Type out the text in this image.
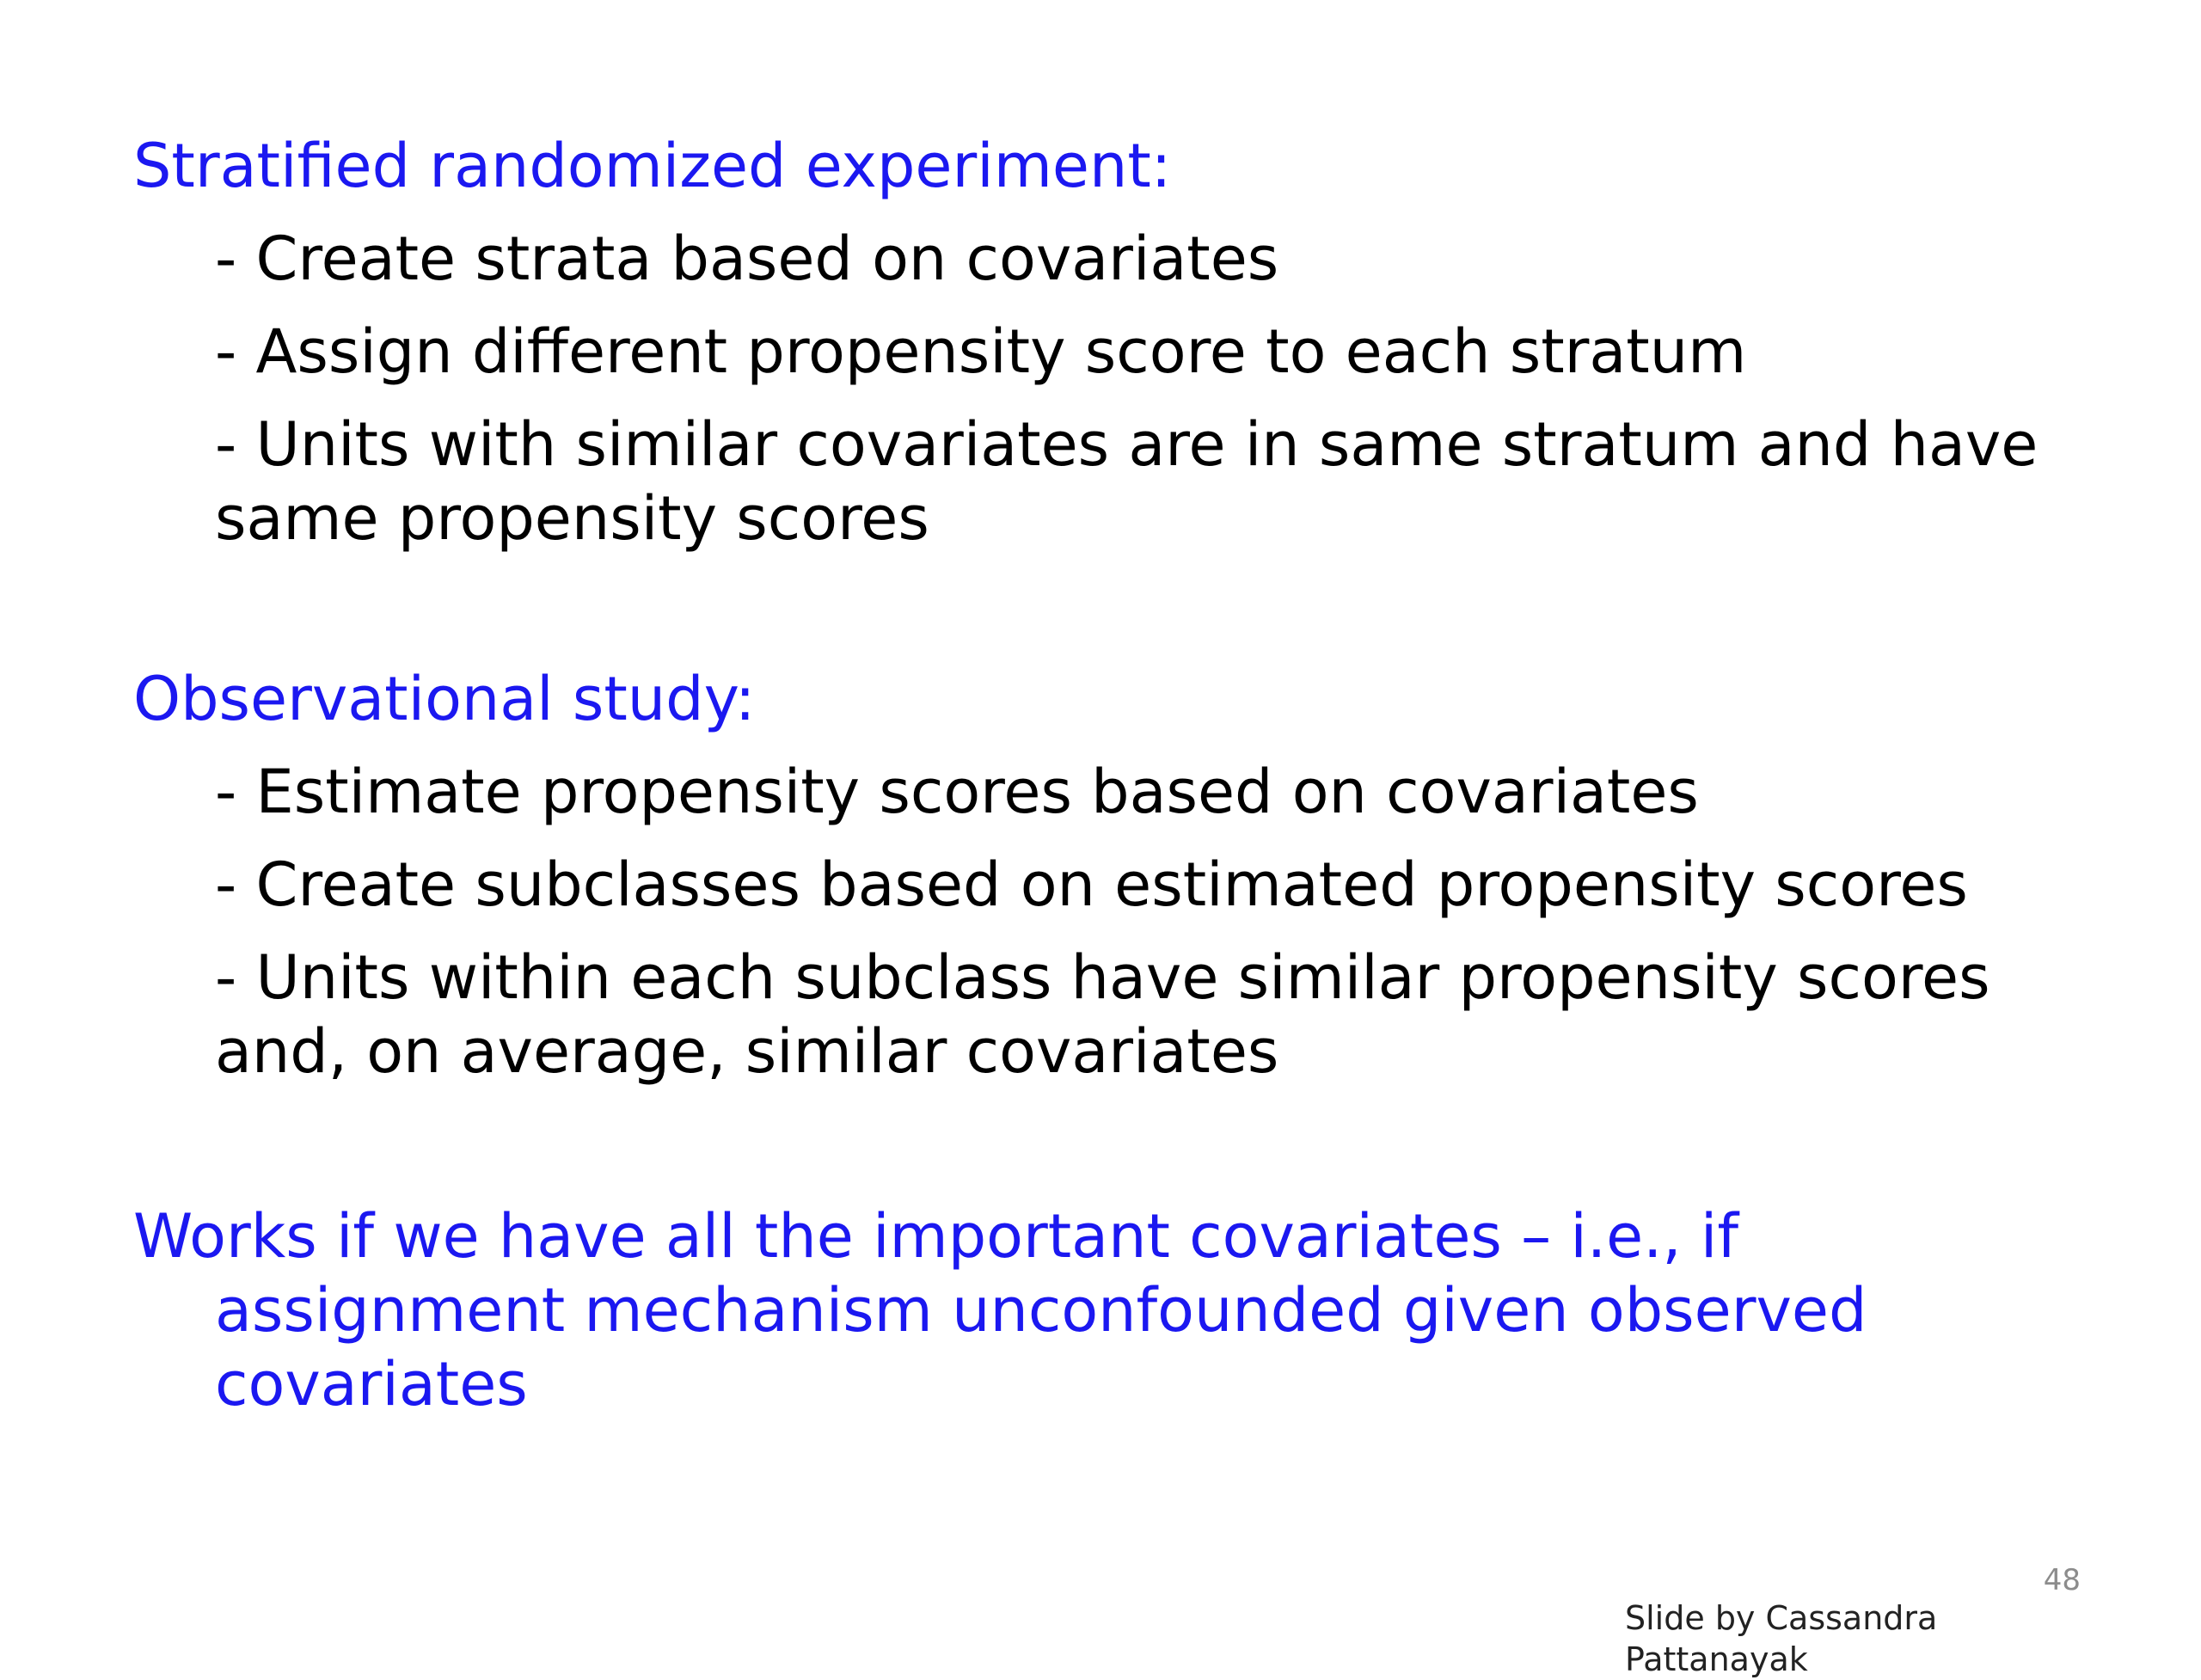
Stratified randomized experiment:

- Create strata based on covariates

- Assign different propensity score to each stratum

- Units with similar covariates are in same stratum and have
same propensity scores

Observational study:

- Estimate propensity scores based on covariates

- Create subclasses based on estimated propensity scores

- Units within each subclass have similar propensity scores
and, on average, similar covariates

Works if we have all the important covariates – i.e., if
assignment mechanism unconfounded given observed
covariates

48
Slide by Cassandra Pattanayak
